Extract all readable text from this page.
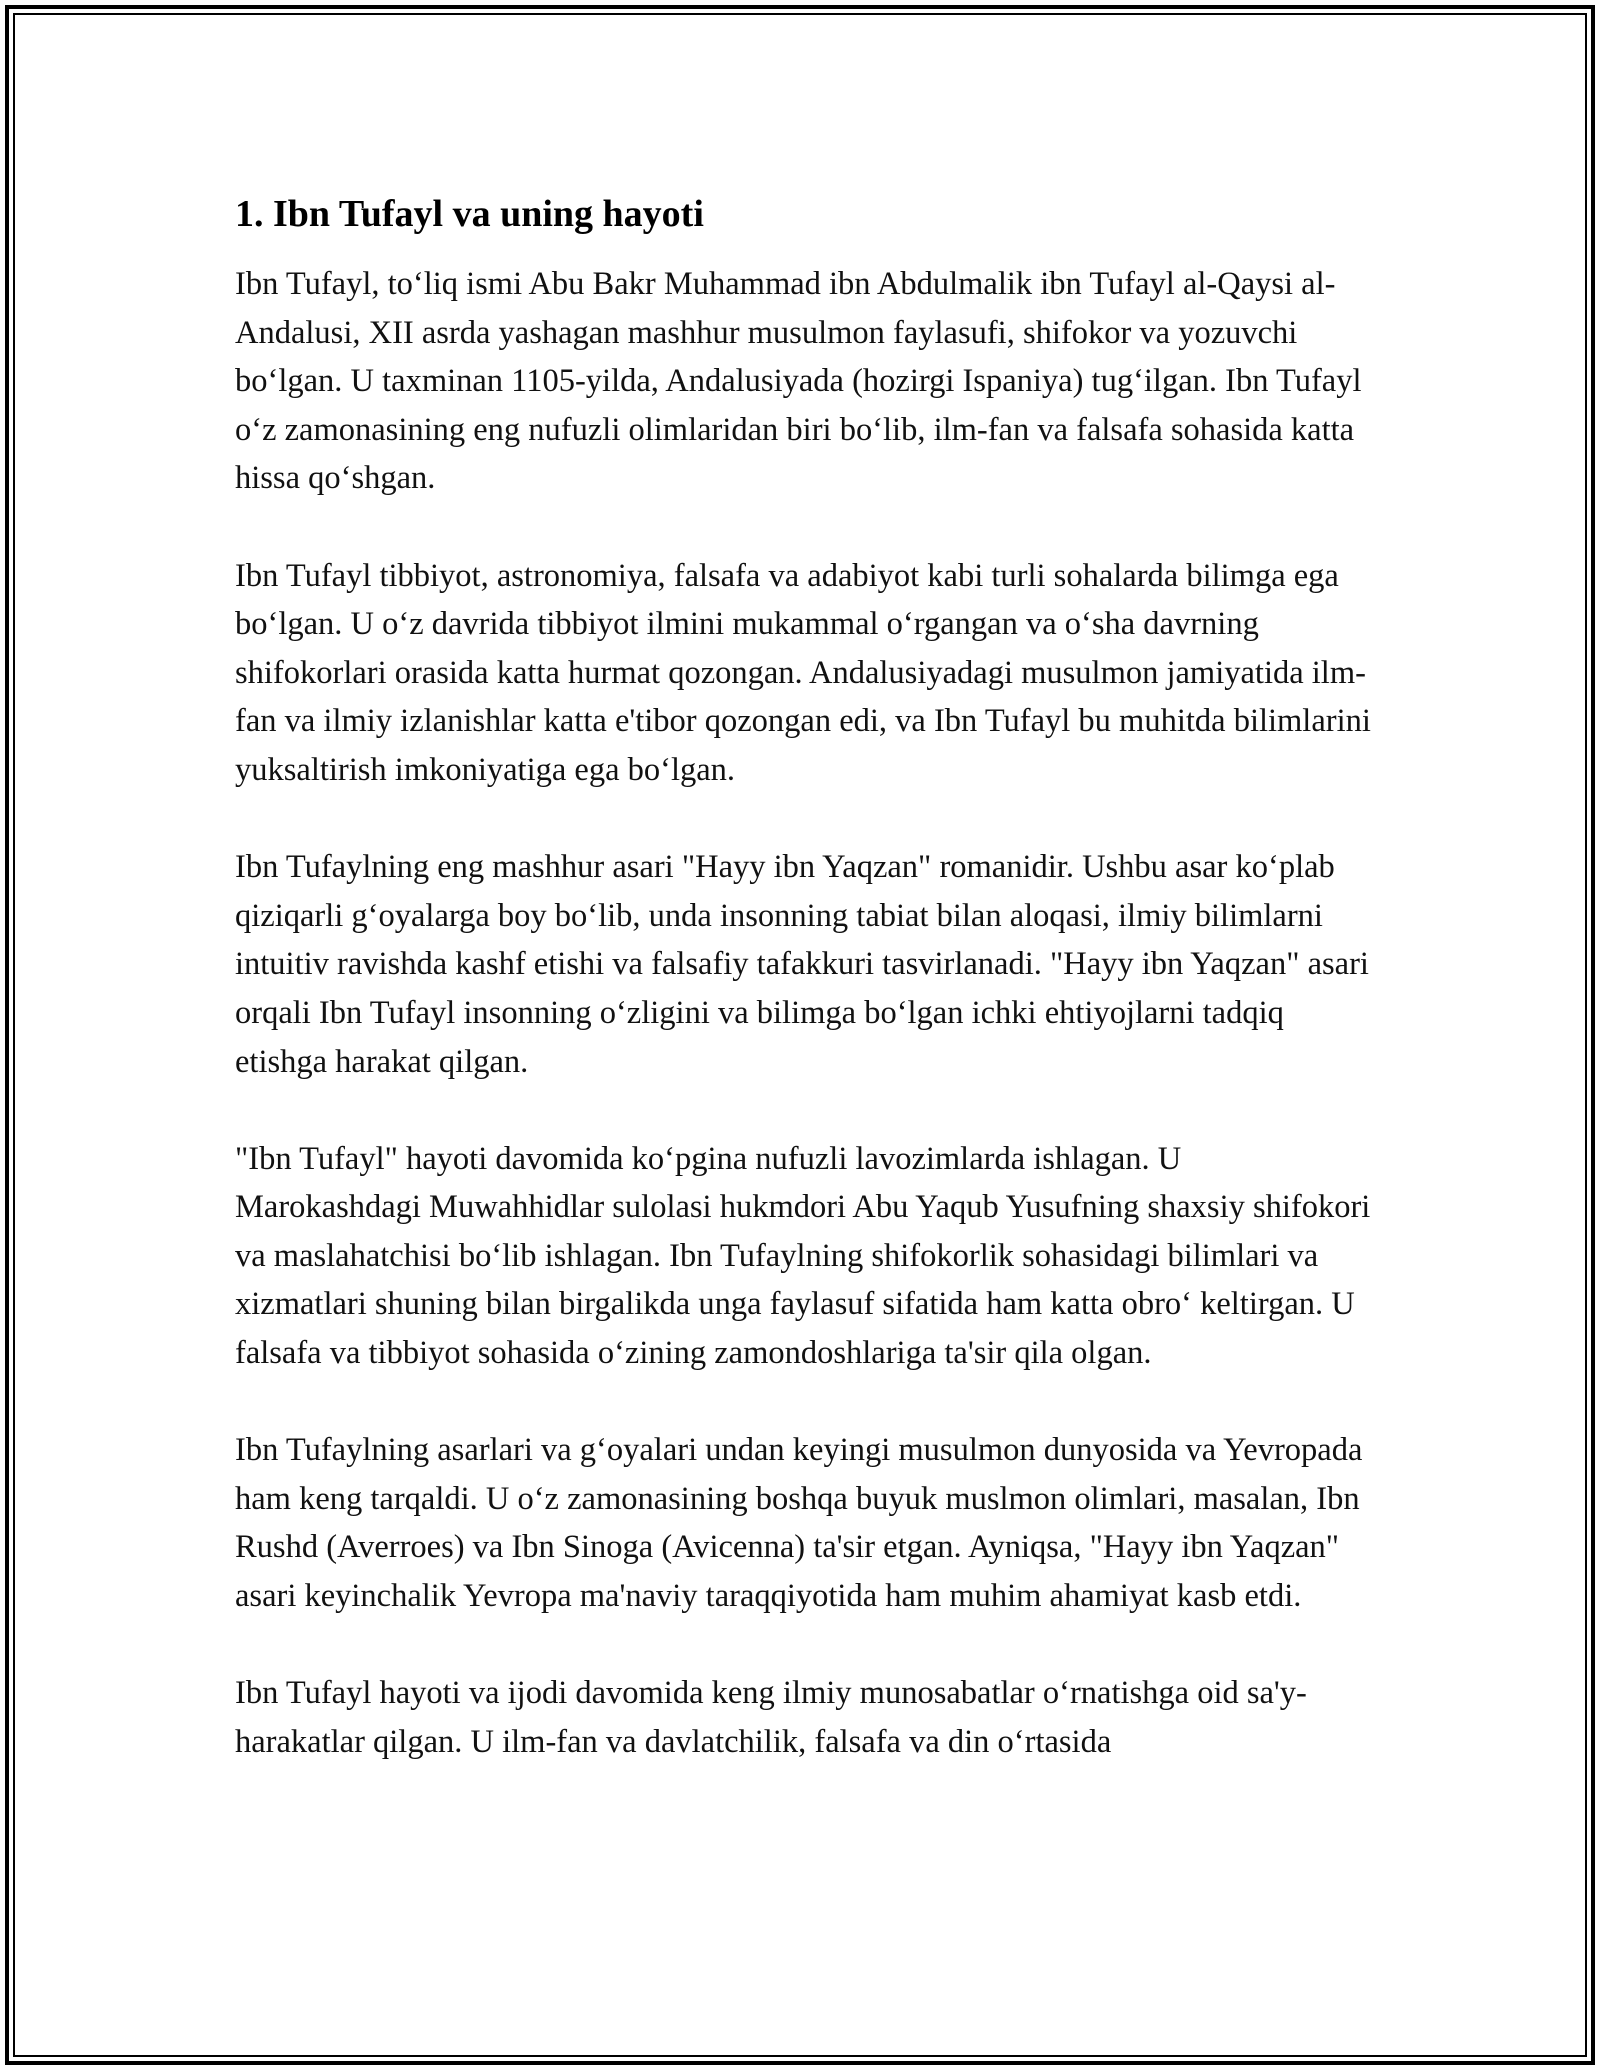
1. Ibn Tufayl va uning hayoti

Ibn Tufayl, to‘liq ismi Abu Bakr Muhammad ibn Abdulmalik ibn Tufayl al-Qaysi al-Andalusi, XII asrda yashagan mashhur musulmon faylasufi, shifokor va yozuvchi bo‘lgan. U taxminan 1105-yilda, Andalusiyada (hozirgi Ispaniya) tug‘ilgan. Ibn Tufayl o‘z zamonasining eng nufuzli olimlaridan biri bo‘lib, ilm-fan va falsafa sohasida katta hissa qo‘shgan.

Ibn Tufayl tibbiyot, astronomiya, falsafa va adabiyot kabi turli sohalarda bilimga ega bo‘lgan. U o‘z davrida tibbiyot ilmini mukammal o‘rgangan va o‘sha davrning shifokorlari orasida katta hurmat qozongan. Andalusiyadagi musulmon jamiyatida ilm-fan va ilmiy izlanishlar katta e'tibor qozongan edi, va Ibn Tufayl bu muhitda bilimlarini yuksaltirish imkoniyatiga ega bo‘lgan.

Ibn Tufaylning eng mashhur asari "Hayy ibn Yaqzan" romanidir. Ushbu asar ko‘plab qiziqarli g‘oyalarga boy bo‘lib, unda insonning tabiat bilan aloqasi, ilmiy bilimlarni intuitiv ravishda kashf etishi va falsafiy tafakkuri tasvirlanadi. "Hayy ibn Yaqzan" asari orqali Ibn Tufayl insonning o‘zligini va bilimga bo‘lgan ichki ehtiyojlarni tadqiq etishga harakat qilgan.

"Ibn Tufayl" hayoti davomida ko‘pgina nufuzli lavozimlarda ishlagan. U Marokashdagi Muwahhidlar sulolasi hukmdori Abu Yaqub Yusufning shaxsiy shifokori va maslahatchisi bo‘lib ishlagan. Ibn Tufaylning shifokorlik sohasidagi bilimlari va xizmatlari shuning bilan birgalikda unga faylasuf sifatida ham katta obro‘ keltirgan. U falsafa va tibbiyot sohasida o‘zining zamondoshlariga ta'sir qila olgan.

Ibn Tufaylning asarlari va g‘oyalari undan keyingi musulmon dunyosida va Yevropada ham keng tarqaldi. U o‘z zamonasining boshqa buyuk muslmon olimlari, masalan, Ibn Rushd (Averroes) va Ibn Sinoga (Avicenna) ta'sir etgan. Ayniqsa, "Hayy ibn Yaqzan" asari keyinchalik Yevropa ma'naviy taraqqiyotida ham muhim ahamiyat kasb etdi.

Ibn Tufayl hayoti va ijodi davomida keng ilmiy munosabatlar o‘rnatishga oid sa'y-harakatlar qilgan. U ilm-fan va davlatchilik, falsafa va din o‘rtasida
